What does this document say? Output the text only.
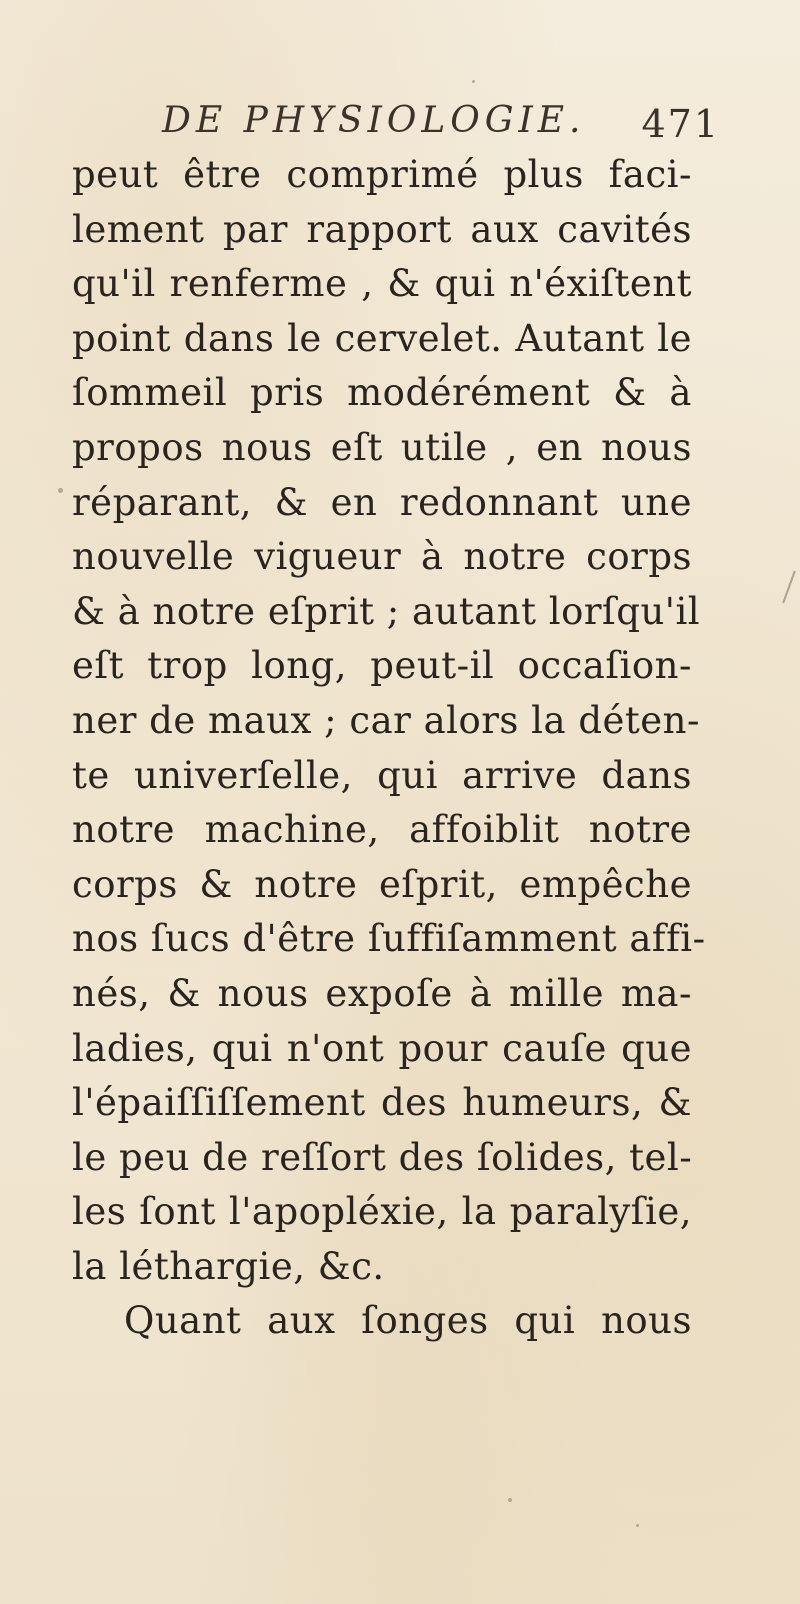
DE PHYSIOLOGIE. 471
peut être comprimé plus faci-
lement par rapport aux cavités
qu'il renferme , & qui n'éxiſtent
point dans le cervelet. Autant le
ſommeil pris modérément & à
propos nous eſt utile , en nous
réparant, & en redonnant une
nouvelle vigueur à notre corps
& à notre eſprit ; autant lorſqu'il
eſt trop long, peut-il occaſion-
ner de maux ; car alors la déten-
te univerſelle, qui arrive dans
notre machine, affoiblit notre
corps & notre eſprit, empêche
nos ſucs d'être ſuffiſamment affi-
nés, & nous expoſe à mille ma-
ladies, qui n'ont pour cauſe que
l'épaiſſiſſement des humeurs, &
le peu de reſſort des ſolides, tel-
les ſont l'apopléxie, la paralyſie,
la léthargie, &c.
Quant aux ſonges qui nous
